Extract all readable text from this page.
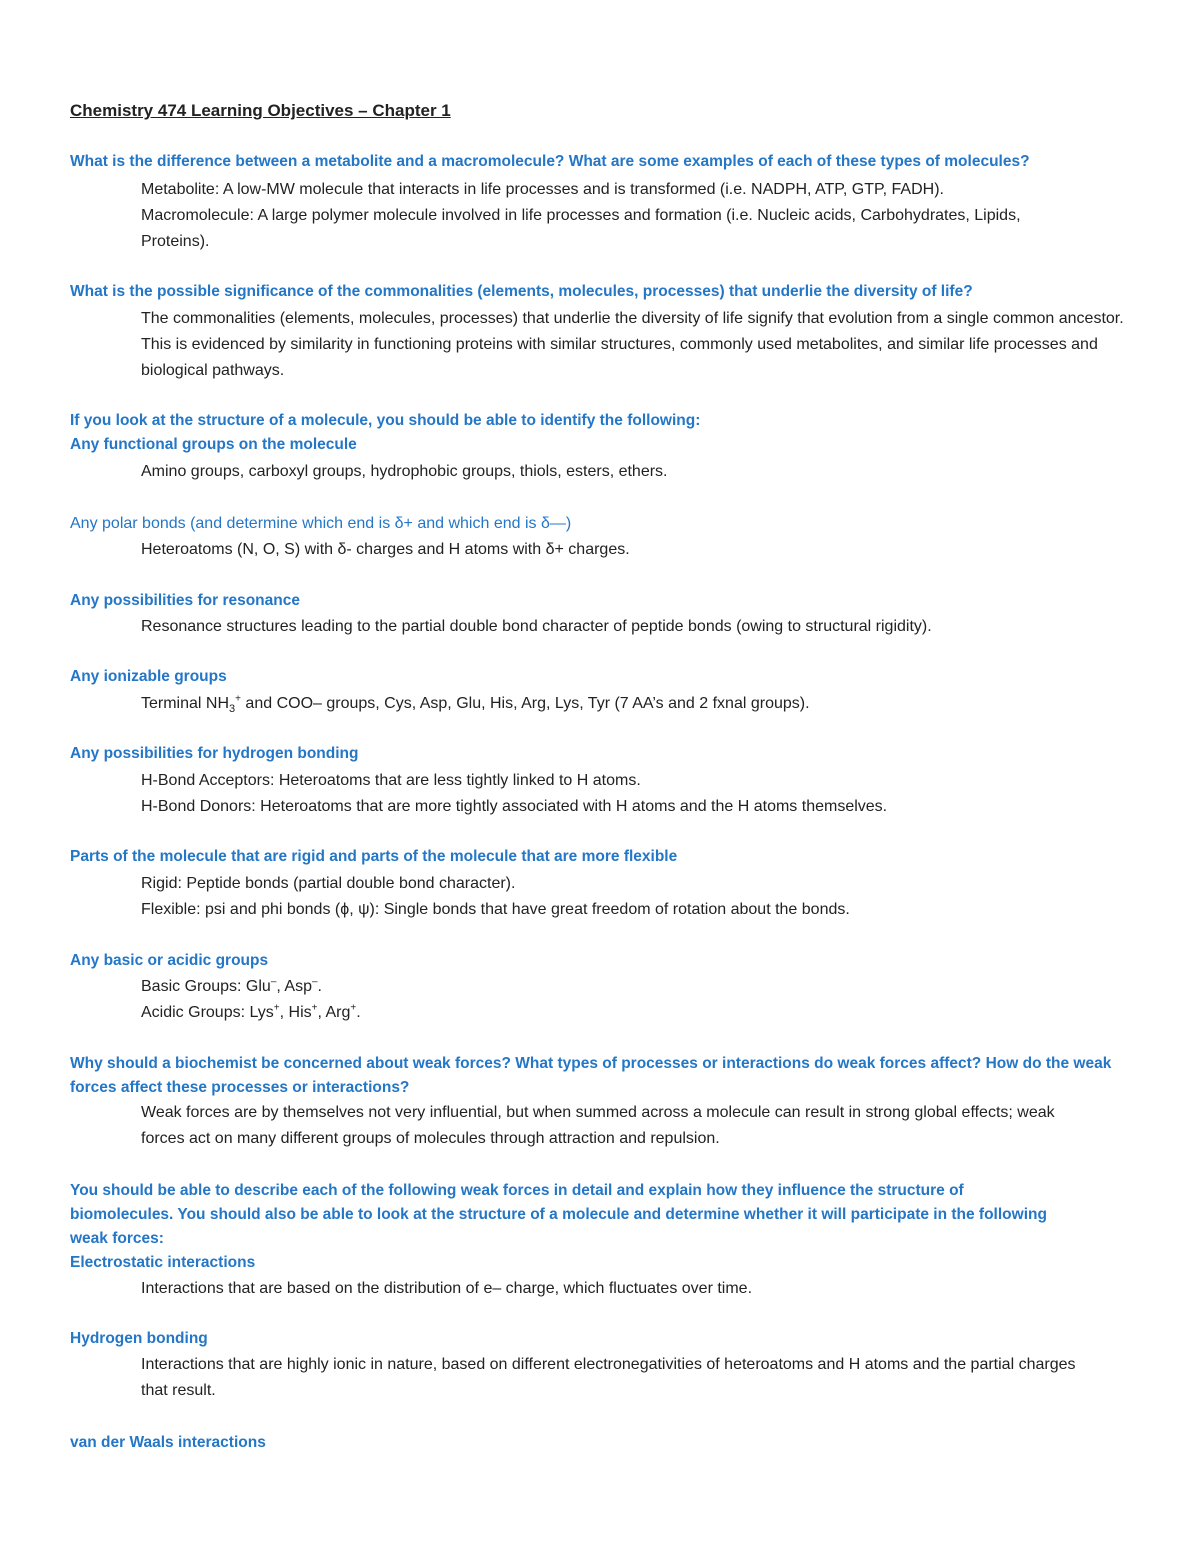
Chemistry 474 Learning Objectives – Chapter 1

What is the difference between a metabolite and a macromolecule? What are some examples of each of these types of molecules?

Metabolite: A low-MW molecule that interacts in life processes and is transformed (i.e. NADPH, ATP, GTP, FADH).

Macromolecule: A large polymer molecule involved in life processes and formation (i.e. Nucleic acids, Carbohydrates, Lipids, Proteins).

What is the possible significance of the commonalities (elements, molecules, processes) that underlie the diversity of life?

The commonalities (elements, molecules, processes) that underlie the diversity of life signify that evolution from a single common ancestor. This is evidenced by similarity in functioning proteins with similar structures, commonly used metabolites, and similar life processes and biological pathways.

If you look at the structure of a molecule, you should be able to identify the following:

Any functional groups on the molecule

Amino groups, carboxyl groups, hydrophobic groups, thiols, esters, ethers.

Any polar bonds (and determine which end is δ+ and which end is δ—)

Heteroatoms (N, O, S) with δ- charges and H atoms with δ+ charges.

Any possibilities for resonance

Resonance structures leading to the partial double bond character of peptide bonds (owing to structural rigidity).

Any ionizable groups

Terminal $NH_3^+$ and COO‒ groups, Cys, Asp, Glu, His, Arg, Lys, Tyr (7 AA’s and 2 fxnal groups).

Any possibilities for hydrogen bonding

H-Bond Acceptors: Heteroatoms that are less tightly linked to H atoms.

H-Bond Donors: Heteroatoms that are more tightly associated with H atoms and the H atoms themselves.

Parts of the molecule that are rigid and parts of the molecule that are more flexible

Rigid: Peptide bonds (partial double bond character).

Flexible: psi and phi bonds (ϕ, ψ): Single bonds that have great freedom of rotation about the bonds.

Any basic or acidic groups

Basic Groups: Glu‒, Asp‒.

Acidic Groups: Lys+, His+, Arg+.

Why should a biochemist be concerned about weak forces? What types of processes or interactions do weak forces affect? How do the weak forces affect these processes or interactions?

Weak forces are by themselves not very influential, but when summed across a molecule can result in strong global effects; weak forces act on many different groups of molecules through attraction and repulsion.

You should be able to describe each of the following weak forces in detail and explain how they influence the structure of biomolecules. You should also be able to look at the structure of a molecule and determine whether it will participate in the following weak forces:

Electrostatic interactions

Interactions that are based on the distribution of e‒ charge, which fluctuates over time.

Hydrogen bonding

Interactions that are highly ionic in nature, based on different electronegativities of heteroatoms and H atoms and the partial charges that result.

van der Waals interactions
